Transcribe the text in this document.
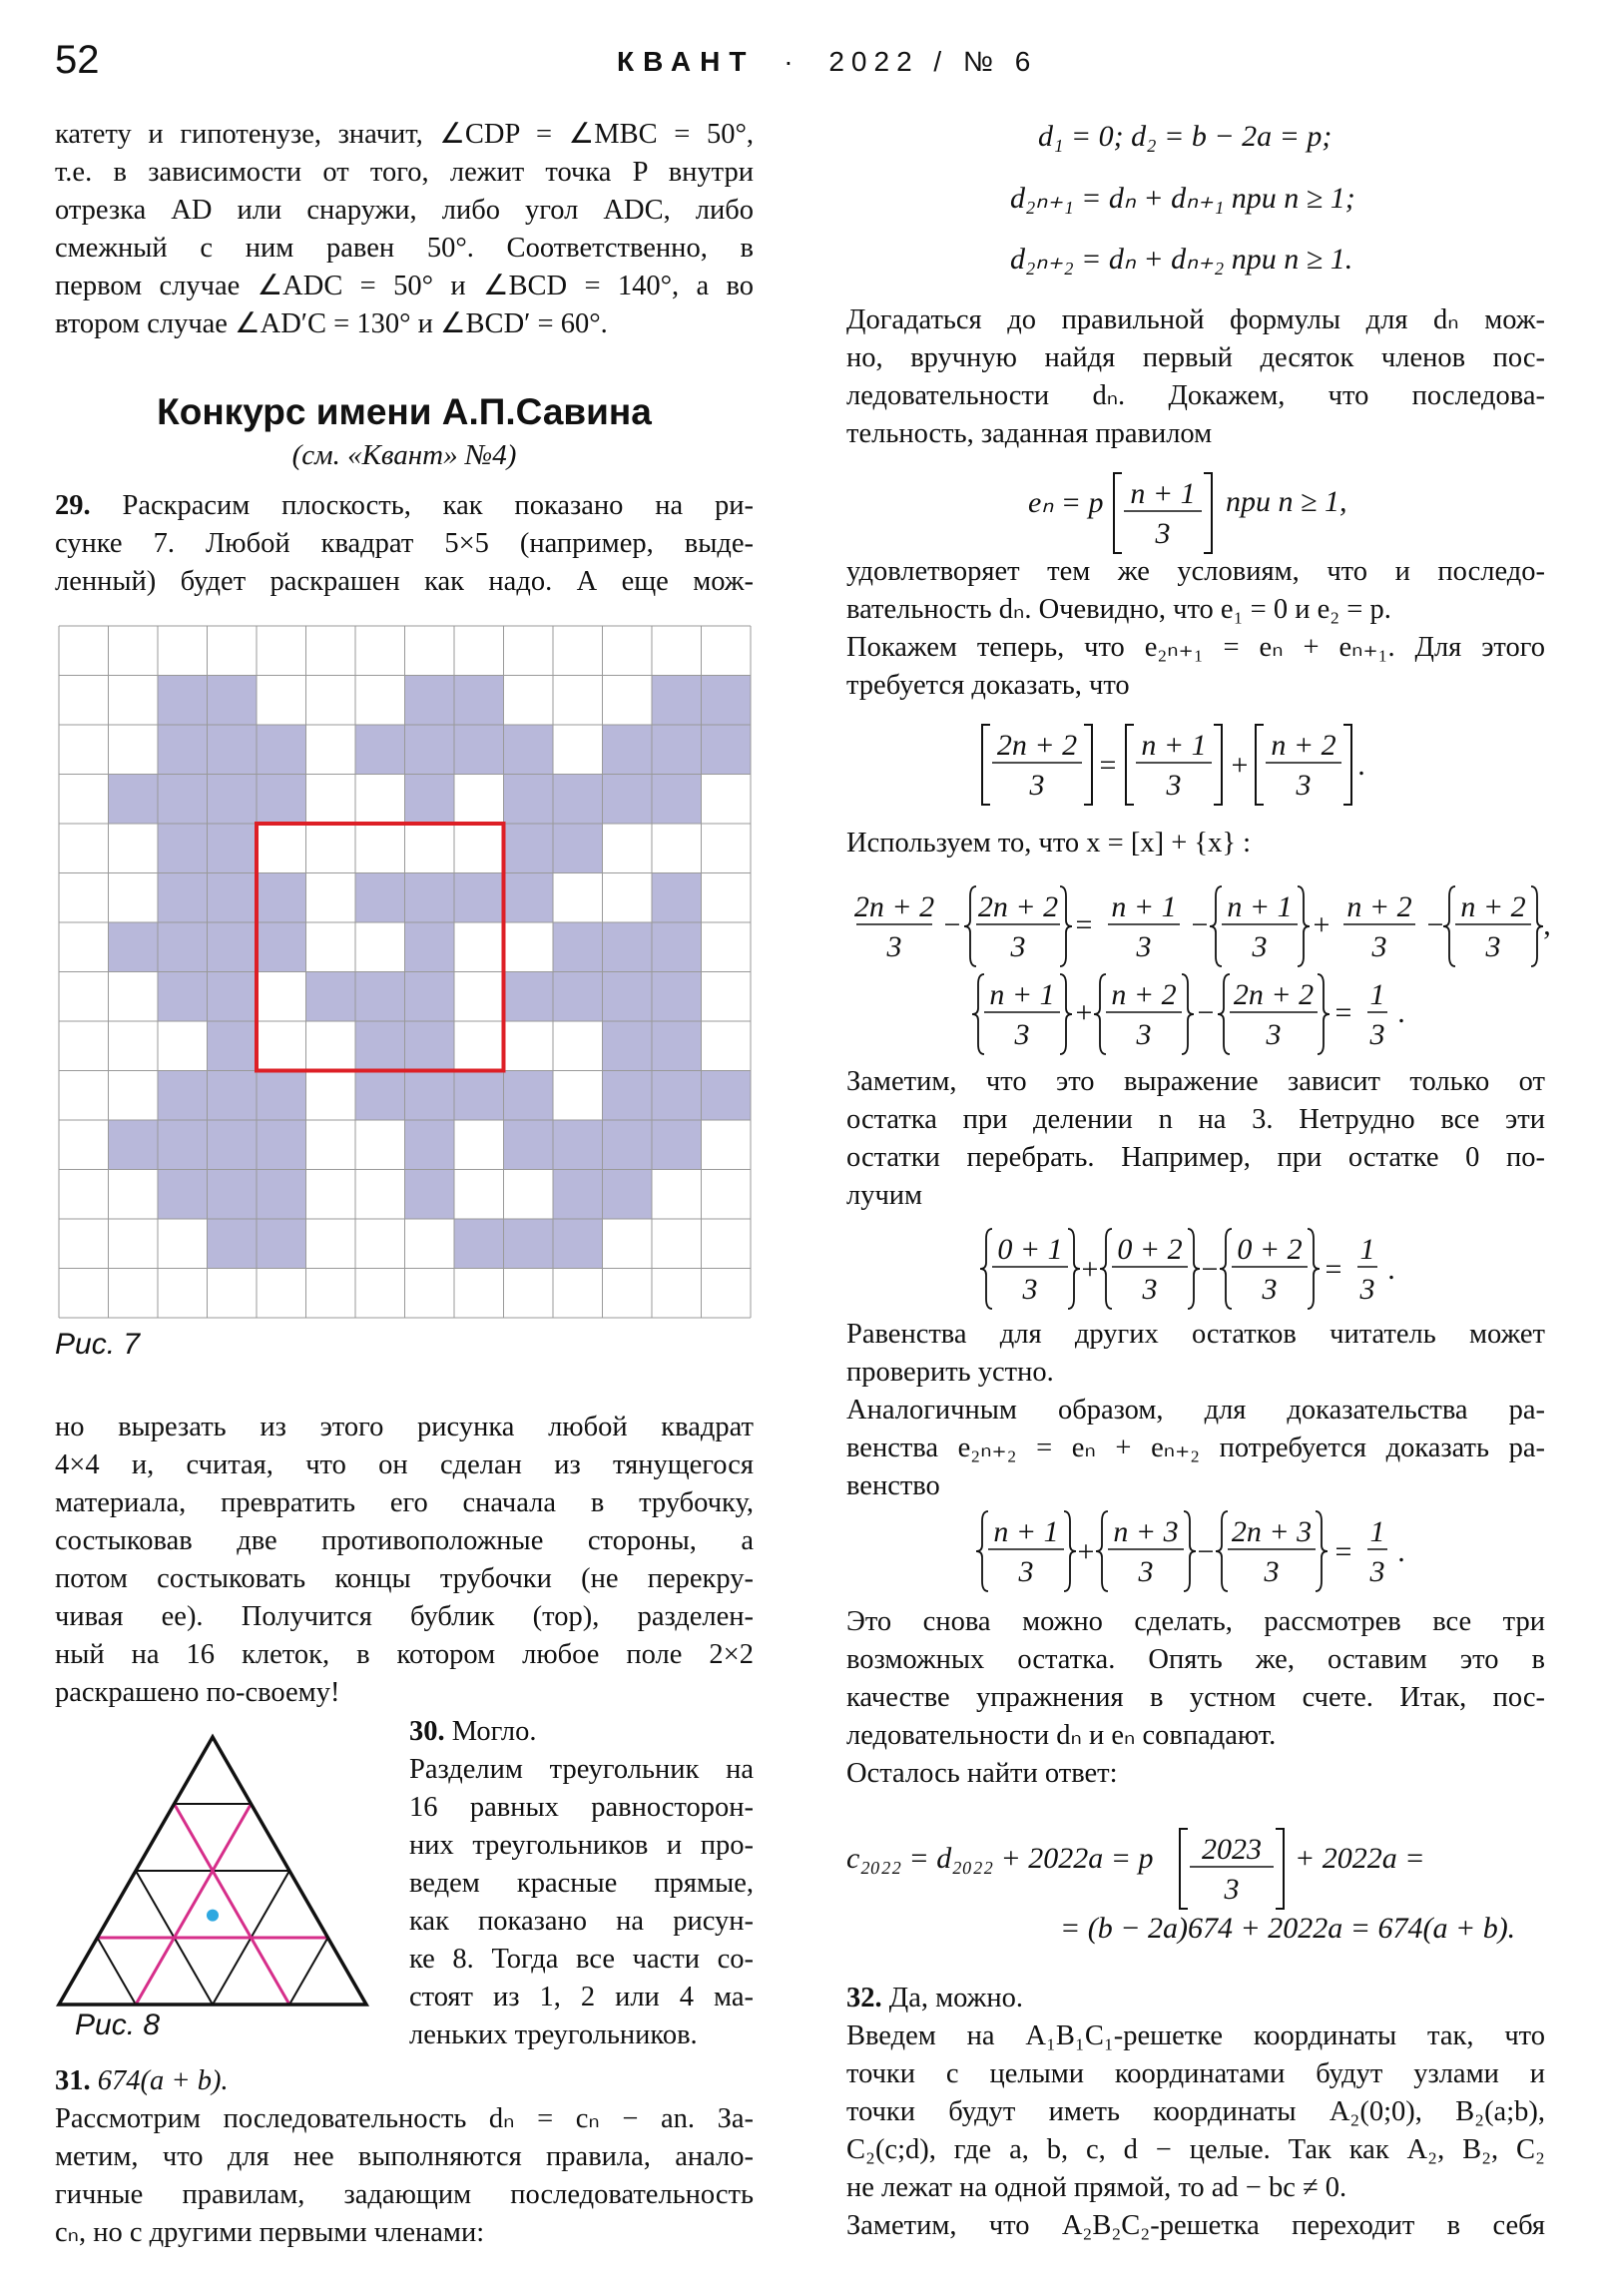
52	КВАНТ · 2022 / № 6

катету и гипотенузе, значит, ∠CDP = ∠MBC = 50°,

т.е. в зависимости от того, лежит точка P внутри

отрезка AD или снаружи, либо угол ADC, либо

смежный с ним равен 50°. Соответственно, в

первом случае ∠ADC = 50° и ∠BCD = 140°, а во

втором случае ∠AD′C = 130° и ∠BCD′ = 60°.

Конкурс имени А.П.Савина
(см. «Квант» №4)

29. Раскрасим плоскость, как показано на ри-

сунке 7. Любой квадрат 5×5 (например, выде-

ленный) будет раскрашен как надо. А еще мож-

Рис. 7

но вырезать из этого рисунка любой квадрат

4×4 и, считая, что он сделан из тянущегося

материала, превратить его сначала в трубочку,

состыковав две противоположные стороны, а

потом состыковать концы трубочки (не перекру-

чивая ее). Получится бублик (тор), разделен-

ный на 16 клеток, в котором любое поле 2×2

раскрашено по-своему!

Рис. 8

30. Могло.

Разделим треугольник на

16 равных равносторон-

них треугольников и про-

ведем красные прямые,

как показано на рисун-

ке 8. Тогда все части со-

стоят из 1, 2 или 4 ма-

леньких треугольников.

31. 674(a + b).

Рассмотрим последовательность dₙ = cₙ − an. За-

метим, что для нее выполняются правила, анало-

гичные правилам, задающим последовательность

cₙ, но с другими первыми членами:

d₁ = 0; d₂ = b − 2a = p;
d₂ₙ₊₁ = dₙ + dₙ₊₁ при n ≥ 1;
d₂ₙ₊₂ = dₙ + dₙ₊₂ при n ≥ 1.

Догадаться до правильной формулы для dₙ мож-

но, вручную найдя первый десяток членов пос-

ледовательности dₙ. Докажем, что последова-

тельность, заданная правилом

eₙ = p	при n ≥ 1,
n + 1
3

удовлетворяет тем же условиям, что и последо-

вательность dₙ. Очевидно, что e₁ = 0 и e₂ = p.

Покажем теперь, что e₂ₙ₊₁ = eₙ + eₙ₊₁. Для этого

требуется доказать, что

2n + 2
3
=
n + 1
3
+
n + 2
3
.
Используем то, что x = [x] + {x} :
2n + 2
3
−
2n + 2
3
=
n + 1
3
−
n + 1
3
+
n + 2
3
−
n + 2
3
,
n + 1
3
+
n + 2
3
−
2n + 2
3
=
1
3
.

Заметим, что это выражение зависит только от

остатка при делении n на 3. Нетрудно все эти

остатки перебрать. Например, при остатке 0 по-

лучим

0 + 1
3
+
0 + 2
3
−
0 + 2
3
=
1
3
.

Равенства для других остатков читатель может

проверить устно.

Аналогичным образом, для доказательства ра-

венства e₂ₙ₊₂ = eₙ + eₙ₊₂ потребуется доказать ра-

венство

n + 1
3
+
n + 3
3
−
2n + 3
3
=
1
3
.

Это снова можно сделать, рассмотрев все три

возможных остатка. Опять же, оставим это в

качестве упражнения в устном счете. Итак, пос-

ледовательности dₙ и eₙ совпадают.

Осталось найти ответ:

c₂₀₂₂ = d₂₀₂₂ + 2022a = p	+ 2022a =
2023
3
= (b − 2a)674 + 2022a = 674(a + b).

32. Да, можно.

Введем на A₁B₁C₁-решетке координаты так, что

точки с целыми координатами будут узлами и

точки будут иметь координаты A₂(0;0), B₂(a;b),

C₂(c;d), где a, b, c, d − целые. Так как A₂, B₂, C₂

не лежат на одной прямой, то ad − bc ≠ 0.

Заметим, что A₂B₂C₂-решетка переходит в себя
